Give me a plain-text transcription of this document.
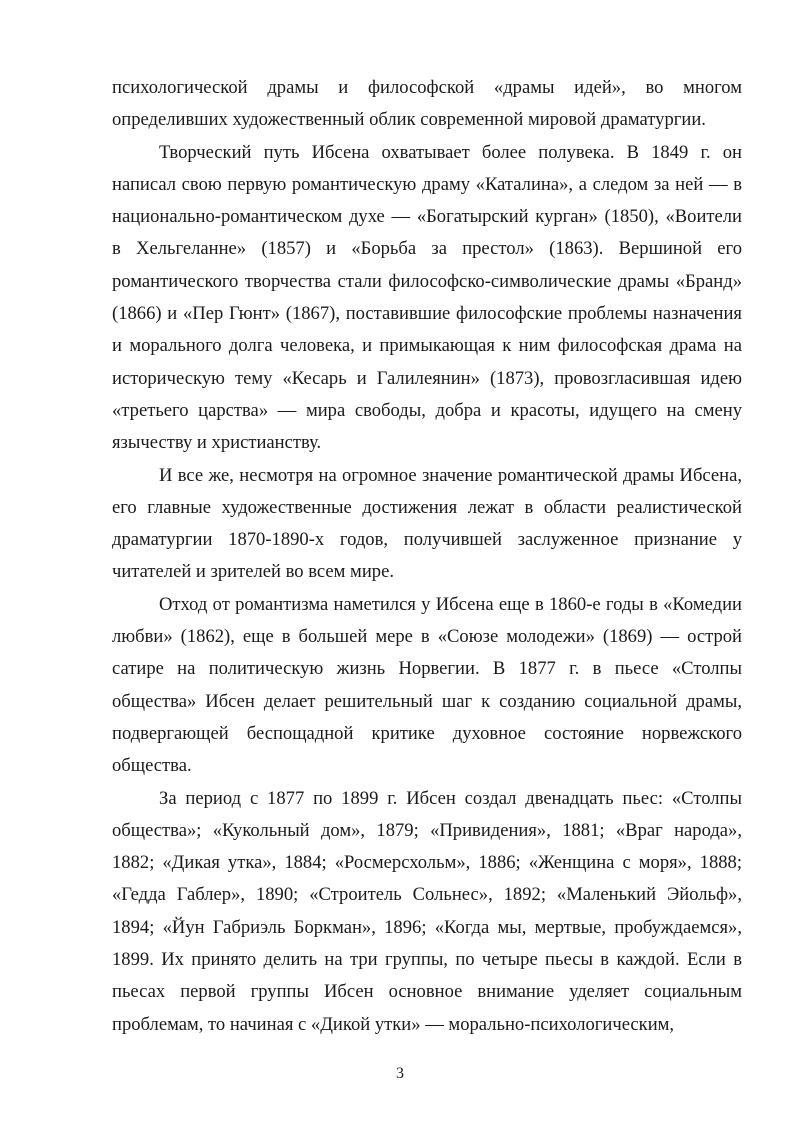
психологической драмы и философской «драмы идей», во многом определивших художественный облик современной мировой драматургии.

Творческий путь Ибсена охватывает более полувека. В 1849 г. он написал свою первую романтическую драму «Каталина», а следом за ней — в национально-романтическом духе — «Богатырский курган» (1850), «Воители в Хельгеланне» (1857) и «Борьба за престол» (1863). Вершиной его романтического творчества стали философско-символические драмы «Бранд» (1866) и «Пер Гюнт» (1867), поставившие философские проблемы назначения и морального долга человека, и примыкающая к ним философская драма на историческую тему «Кесарь и Галилеянин» (1873), провозгласившая идею «третьего царства» — мира свободы, добра и красоты, идущего на смену язычеству и христианству.

И все же, несмотря на огромное значение романтической драмы Ибсена, его главные художественные достижения лежат в области реалистической драматургии 1870-1890-х годов, получившей заслуженное признание у читателей и зрителей во всем мире.

Отход от романтизма наметился у Ибсена еще в 1860-е годы в «Комедии любви» (1862), еще в большей мере в «Союзе молодежи» (1869) — острой сатире на политическую жизнь Норвегии. В 1877 г. в пьесе «Столпы общества» Ибсен делает решительный шаг к созданию социальной драмы, подвергающей беспощадной критике духовное состояние норвежского общества.

За период с 1877 по 1899 г. Ибсен создал двенадцать пьес: «Столпы общества»; «Кукольный дом», 1879; «Привидения», 1881; «Враг народа», 1882; «Дикая утка», 1884; «Росмерсхольм», 1886; «Женщина с моря», 1888; «Гедда Габлер», 1890; «Строитель Сольнес», 1892; «Маленький Эйольф», 1894; «Йун Габриэль Боркман», 1896; «Когда мы, мертвые, пробуждаемся», 1899. Их принято делить на три группы, по четыре пьесы в каждой. Если в пьесах первой группы Ибсен основное внимание уделяет социальным проблемам, то начиная с «Дикой утки» — морально-психологическим,

3
